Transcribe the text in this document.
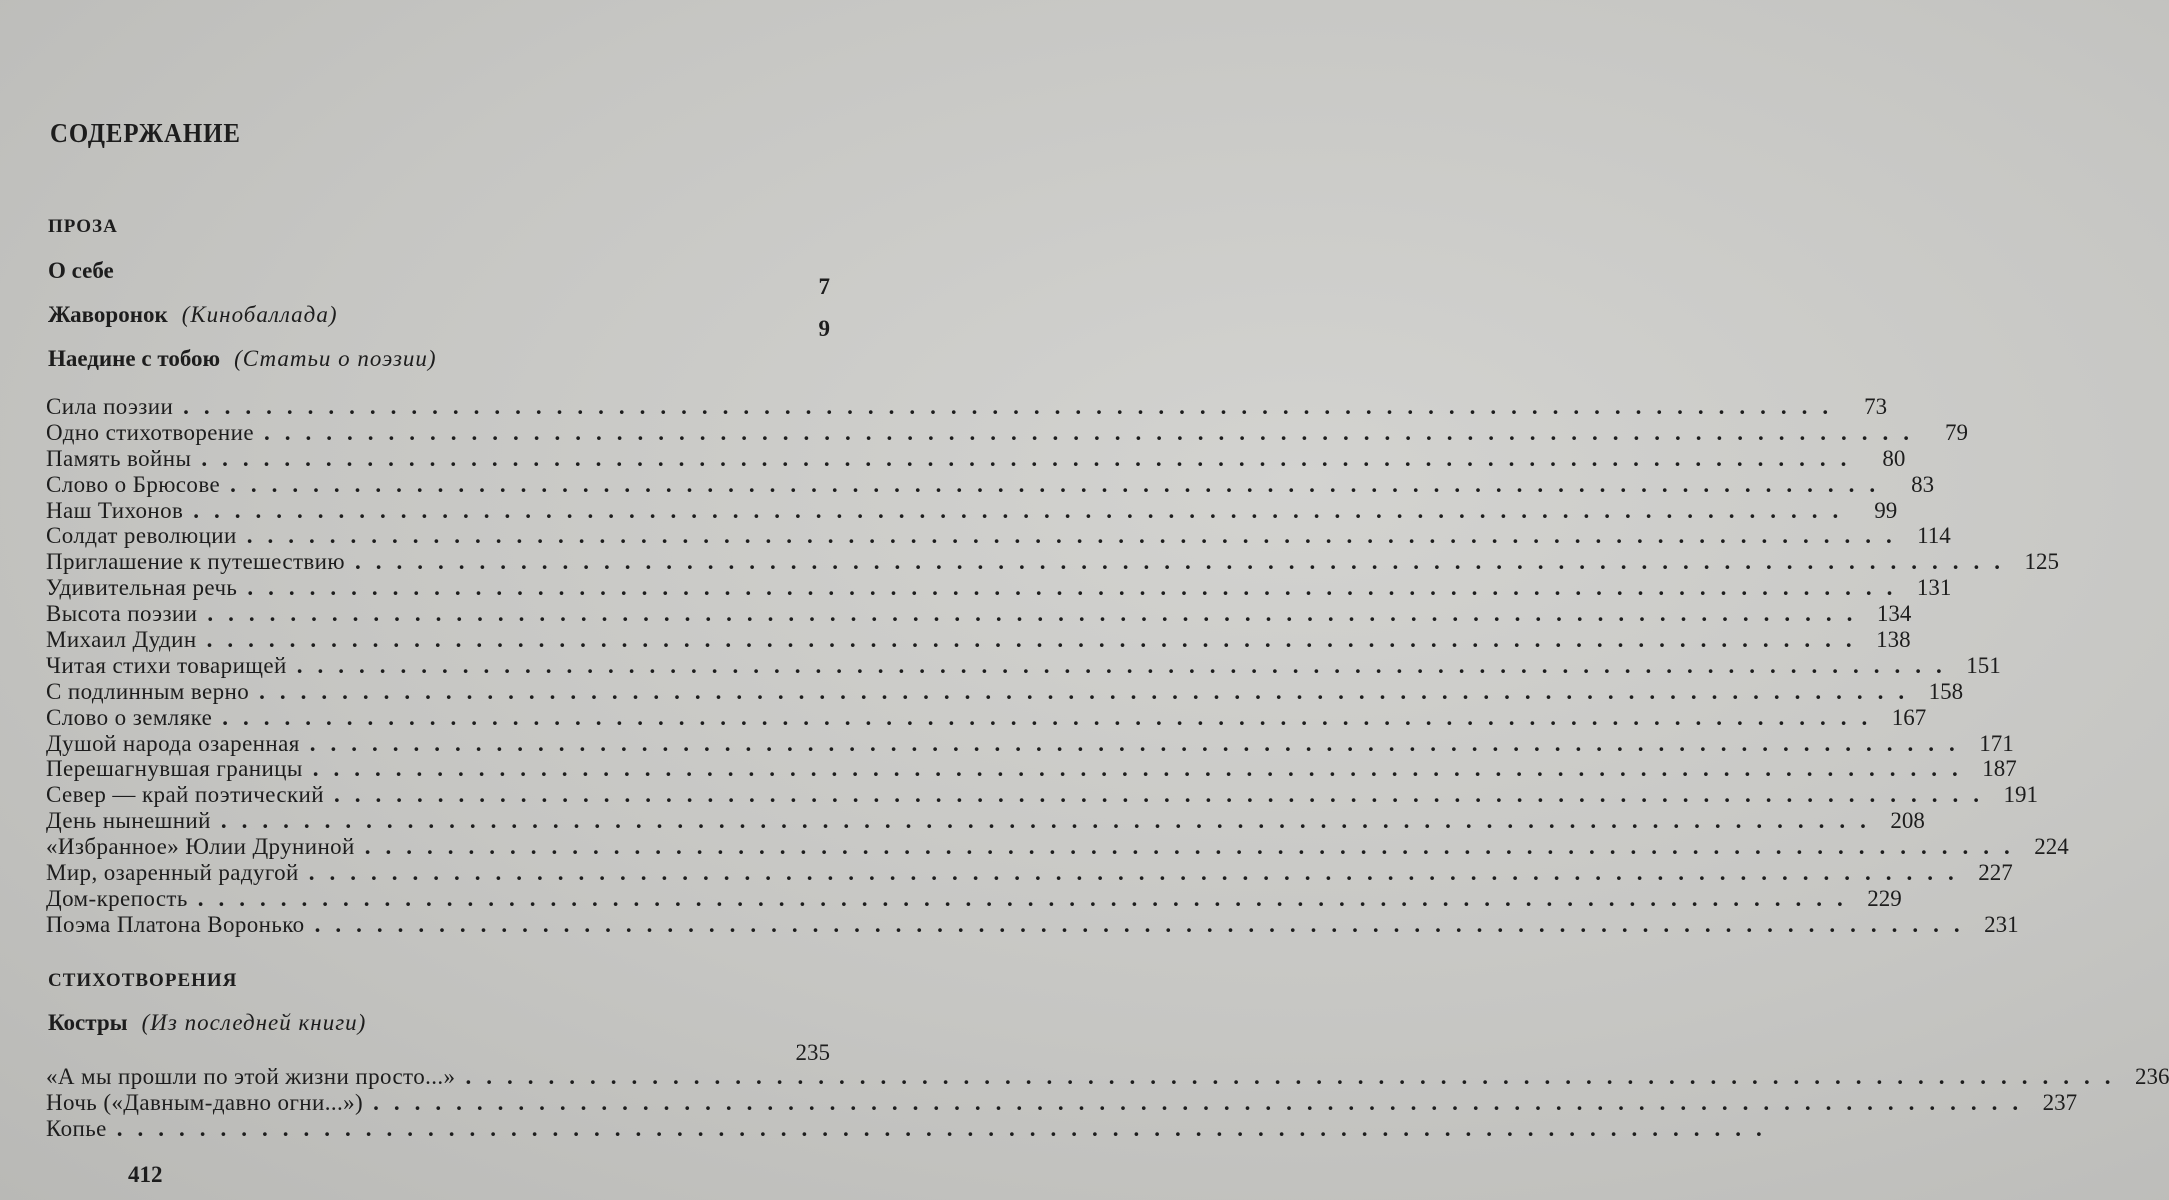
СОДЕРЖАНИЕ
ПРОЗА
О себе
7
Жаворонок (Кинобаллада)
9
Наедине с тобою (Статьи о поэзии)
Сила поэзии ................................................................................ 73
Одно стихотворение ................................................................................ 79
Память войны ................................................................................ 80
Слово о Брюсове ................................................................................ 83
Наш Тихонов ................................................................................ 99
Солдат революции ................................................................................ 114
Приглашение к путешествию ................................................................................ 125
Удивительная речь ................................................................................ 131
Высота поэзии ................................................................................ 134
Михаил Дудин ................................................................................ 138
Читая стихи товарищей ................................................................................ 151
С подлинным верно ................................................................................ 158
Слово о земляке ................................................................................ 167
Душой народа озаренная ................................................................................ 171
Перешагнувшая границы ................................................................................ 187
Север — край поэтический ................................................................................ 191
День нынешний ................................................................................ 208
«Избранное» Юлии Друниной ................................................................................ 224
Мир, озаренный радугой ................................................................................ 227
Дом-крепость ................................................................................ 229
Поэма Платона Воронько ................................................................................ 231
СТИХОТВОРЕНИЯ
Костры (Из последней книги)
235
«А мы прошли по этой жизни просто...» ................................................................................ 236
Ночь («Давным-давно огни...») ................................................................................ 237
Копье ................................................................................
412
